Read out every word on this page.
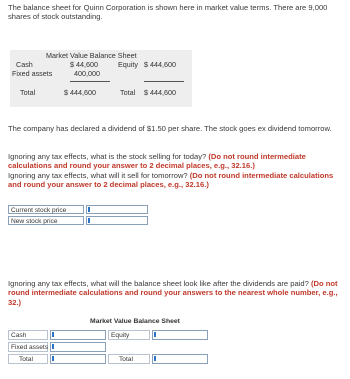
The balance sheet for Quinn Corporation is shown here in market value terms. There are 9,000 shares of stock outstanding.
Market Value Balance Sheet
Cash	$ 44,600	Equity $ 444,600
Fixed assets	400,000
Total	$ 444,600	Total $ 444,600
The company has declared a dividend of $1.50 per share. The stock goes ex dividend tomorrow.
Ignoring any tax effects, what is the stock selling for today? (Do not round intermediate calculations and round your answer to 2 decimal places, e.g., 32.16.)
Ignoring any tax effects, what will it sell for tomorrow? (Do not round intermediate calculations and round your answer to 2 decimal places, e.g., 32.16.)
Current stock price
New stock price
Ignoring any tax effects, what will the balance sheet look like after the dividends are paid? (Do not round intermediate calculations and round your answers to the nearest whole number, e.g., 32.)
Market Value Balance Sheet
Cash	Equity
Fixed assets
Total	Total
